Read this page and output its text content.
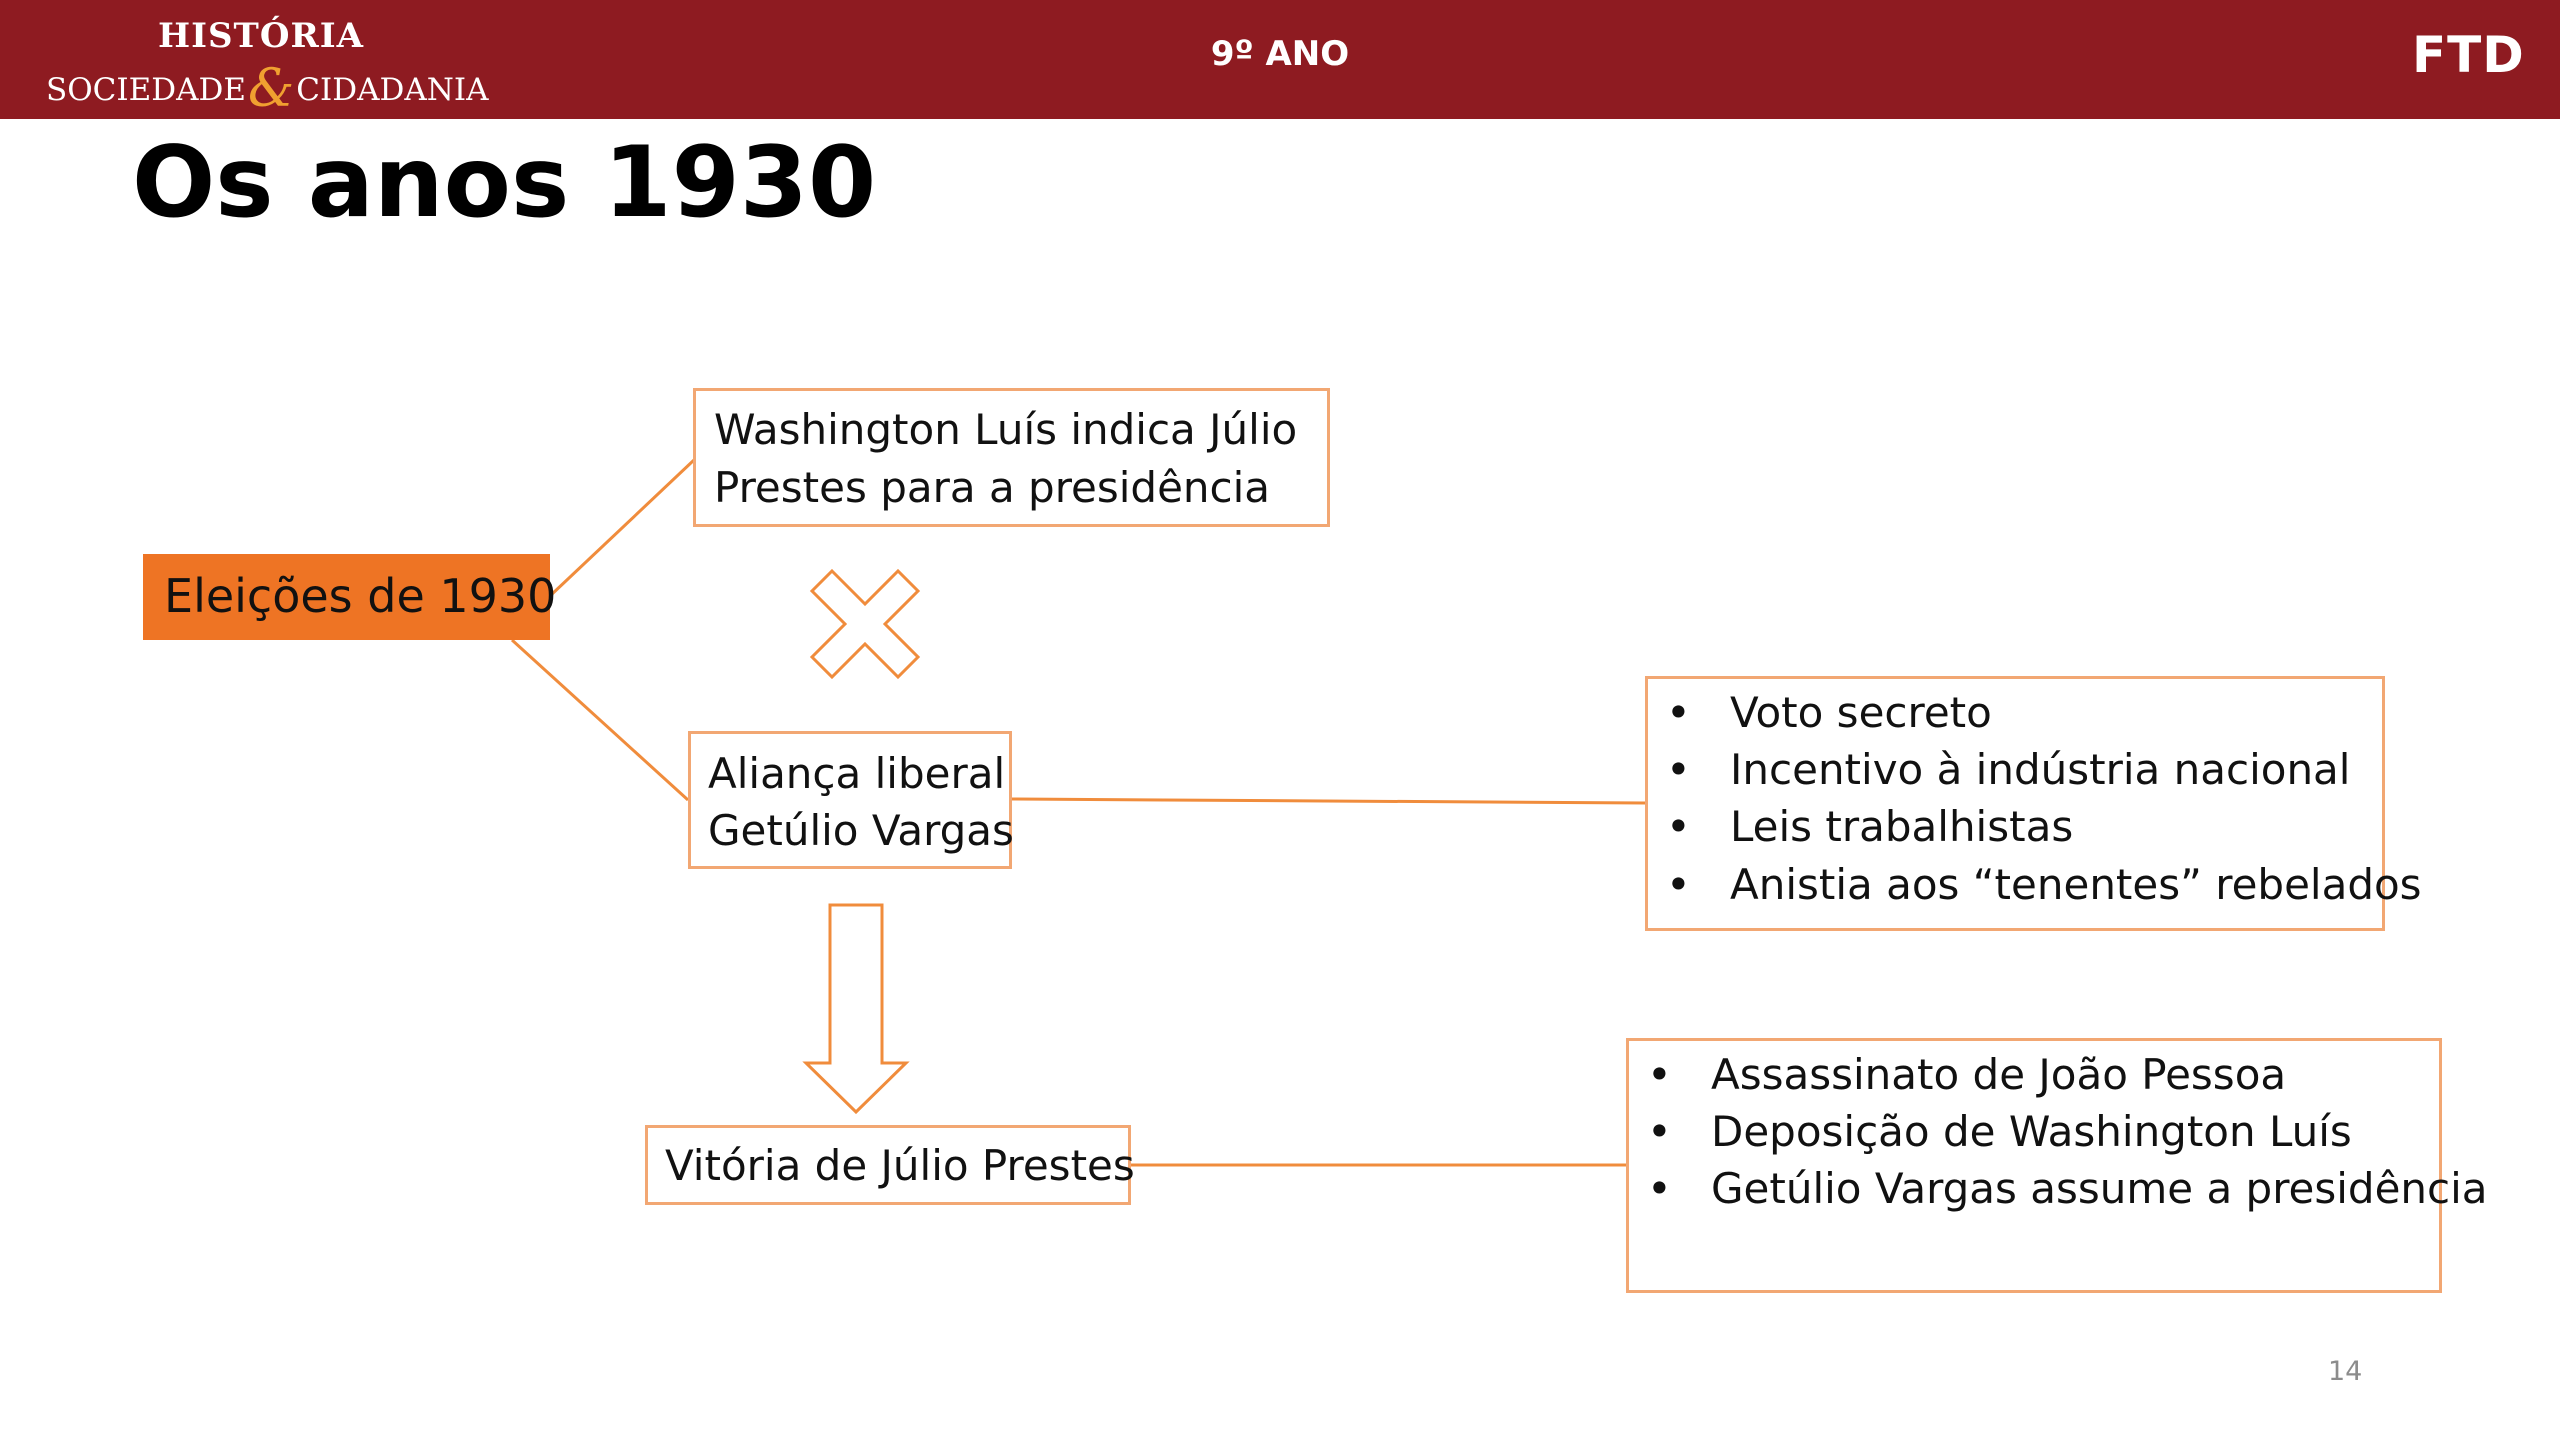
HISTÓRIA
SOCIEDADE&CIDADANIA
9º ANO	FTD
Os anos 1930
Eleições de 1930
Washington Luís indica Júlio
Prestes para a presidência
Aliança liberal
Getúlio Vargas
Vitória de Júlio Prestes
• Voto secreto
• Incentivo à indústria nacional
• Leis trabalhistas
• Anistia aos “tenentes” rebelados
• Assassinato de João Pessoa
• Deposição de Washington Luís
• Getúlio Vargas assume a presidência
14
